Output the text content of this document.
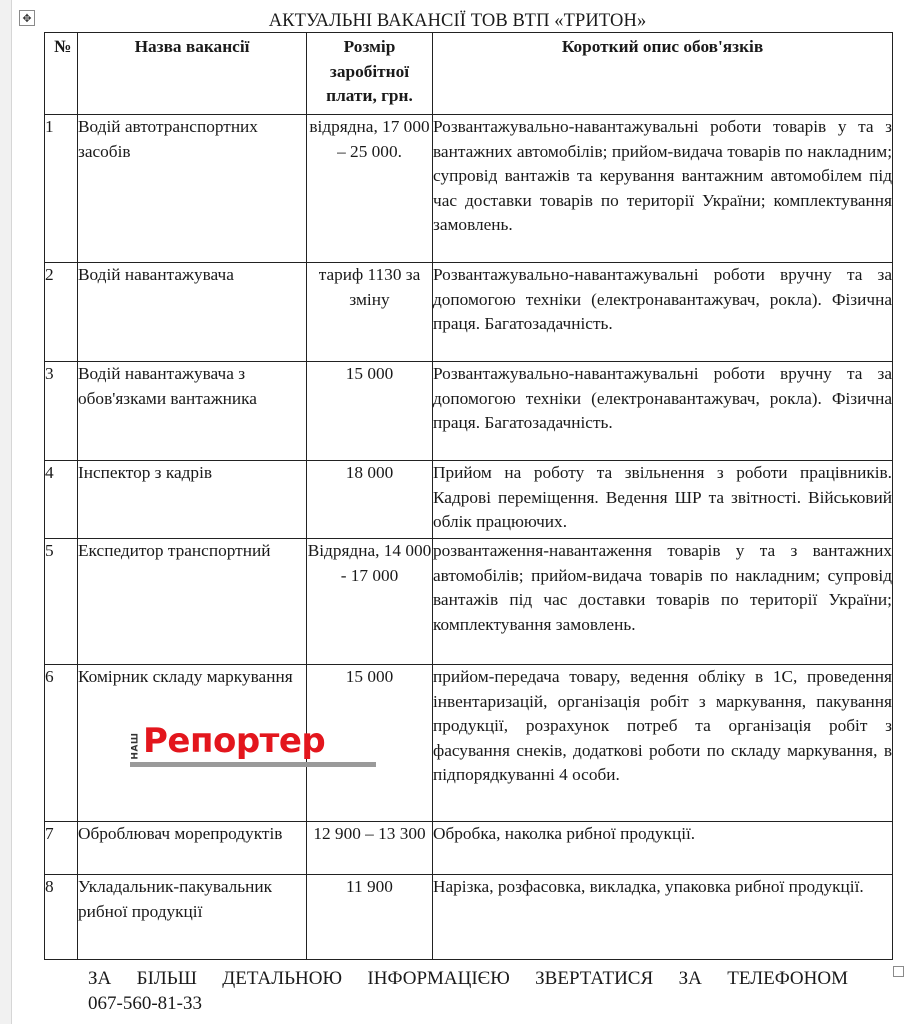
✥	АКТУАЛЬНІ ВАКАНСІЇ ТОВ ВТП «ТРИТОН»
№	Назва вакансії	Розмір заробітної плати, грн.	Короткий опис обов'язків
1	Водій автотранспортних засобів	відрядна, 17 000 – 25 000.	Розвантажувально-навантажувальні роботи товарів у та з вантажних автомобілів; прийом-видача товарів по накладним; супровід вантажів та керування вантажним автомобілем під час доставки товарів по території України; комплектування замовлень.
2	Водій навантажувача	тариф 1130 за зміну	Розвантажувально-навантажувальні роботи вручну та за допомогою техніки (електронавантажувач, рокла). Фізична праця. Багатозадачність.
3	Водій навантажувача з обов'язками вантажника	15 000	Розвантажувально-навантажувальні роботи вручну та за допомогою техніки (електронавантажувач, рокла). Фізична праця. Багатозадачність.
4	Інспектор з кадрів	18 000	Прийом на роботу та звільнення з роботи працівників. Кадрові переміщення. Ведення ШР та звітності. Військовий облік працюючих.
5	Експедитор транспортний	Відрядна, 14 000 - 17 000	розвантаження-навантаження товарів у та з вантажних автомобілів; прийом-видача товарів по накладним; супровід вантажів під час доставки товарів по території України; комплектування замовлень.
6	Комірник складу маркування	15 000	прийом-передача товару, ведення обліку в 1С, проведення інвентаризацій, організація робіт з маркування, пакування продукції, розрахунок потреб та організація робіт з фасування снеків, додаткові роботи по складу маркування, в підпорядкуванні 4 особи.
7	Оброблювач морепродуктів	12 900 – 13 300	Обробка, наколка рибної продукції.
8	Укладальник-пакувальник рибної продукції	11 900	Нарізка, розфасовка, викладка, упаковка рибної продукції.
НАШ Репортер
ЗА БІЛЬШ ДЕТАЛЬНОЮ ІНФОРМАЦІЄЮ ЗВЕРТАТИСЯ ЗА ТЕЛЕФОНОМ
067-560-81-33
